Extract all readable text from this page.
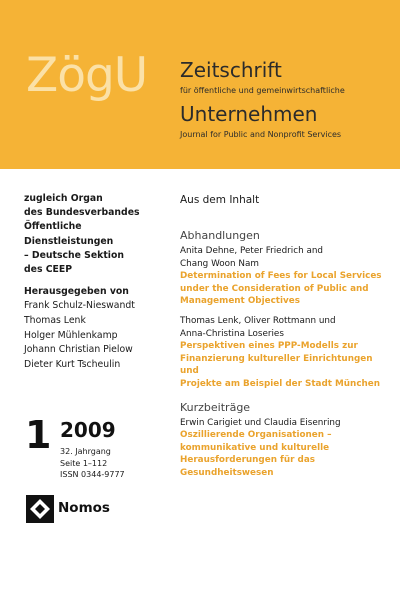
ZögU Zeitschrift
für öffentliche und gemeinwirtschaftliche
Unternehmen
Journal for Public and Nonprofit Services
zugleich Organ
des Bundesverbandes
Öffentliche
Dienstleistungen
– Deutsche Sektion
des CEEP
Herausgegeben von
Frank Schulz-Nieswandt
Thomas Lenk
Holger Mühlenkamp
Johann Christian Pielow
Dieter Kurt Tscheulin
1 2009
32. Jahrgang
Seite 1–112
ISSN 0344-9777
Nomos
Aus dem Inhalt
Abhandlungen
Anita Dehne, Peter Friedrich and
Chang Woon Nam
Determination of Fees for Local Services
under the Consideration of Public and
Management Objectives
Thomas Lenk, Oliver Rottmann und
Anna-Christina Loseries
Perspektiven eines PPP-Modells zur
Finanzierung kultureller Einrichtungen und
Projekte am Beispiel der Stadt München
Kurzbeiträge
Erwin Carigiet und Claudia Eisenring
Oszillierende Organisationen –
kommunikative und kulturelle
Herausforderungen für das
Gesundheitswesen
